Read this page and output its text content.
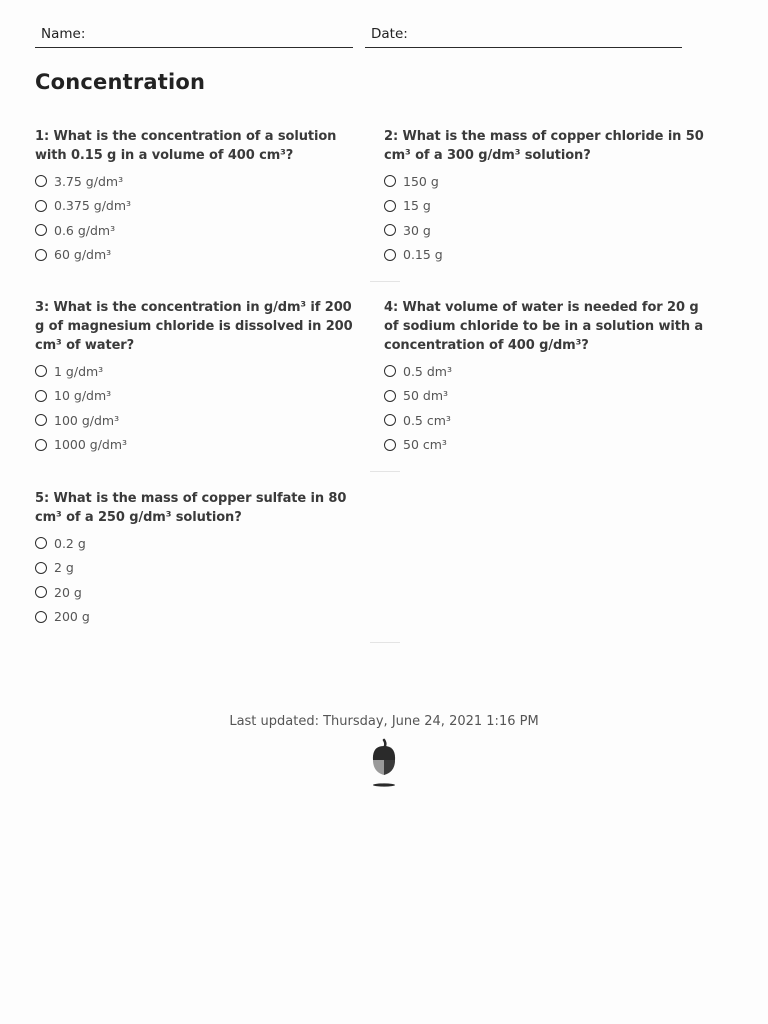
Name:	Date:
Concentration
1: What is the concentration of a solution with 0.15 g in a volume of 400 cm³?
3.75 g/dm³
0.375 g/dm³
0.6 g/dm³
60 g/dm³
2: What is the mass of copper chloride in 50 cm³ of a 300 g/dm³ solution?
150 g
15 g
30 g
0.15 g
3: What is the concentration in g/dm³ if 200 g of magnesium chloride is dissolved in 200 cm³ of water?
1 g/dm³
10 g/dm³
100 g/dm³
1000 g/dm³
4: What volume of water is needed for 20 g of sodium chloride to be in a solution with a concentration of 400 g/dm³?
0.5 dm³
50 dm³
0.5 cm³
50 cm³
5: What is the mass of copper sulfate in 80 cm³ of a 250 g/dm³ solution?
0.2 g
2 g
20 g
200 g
Last updated: Thursday, June 24, 2021 1:16 PM
